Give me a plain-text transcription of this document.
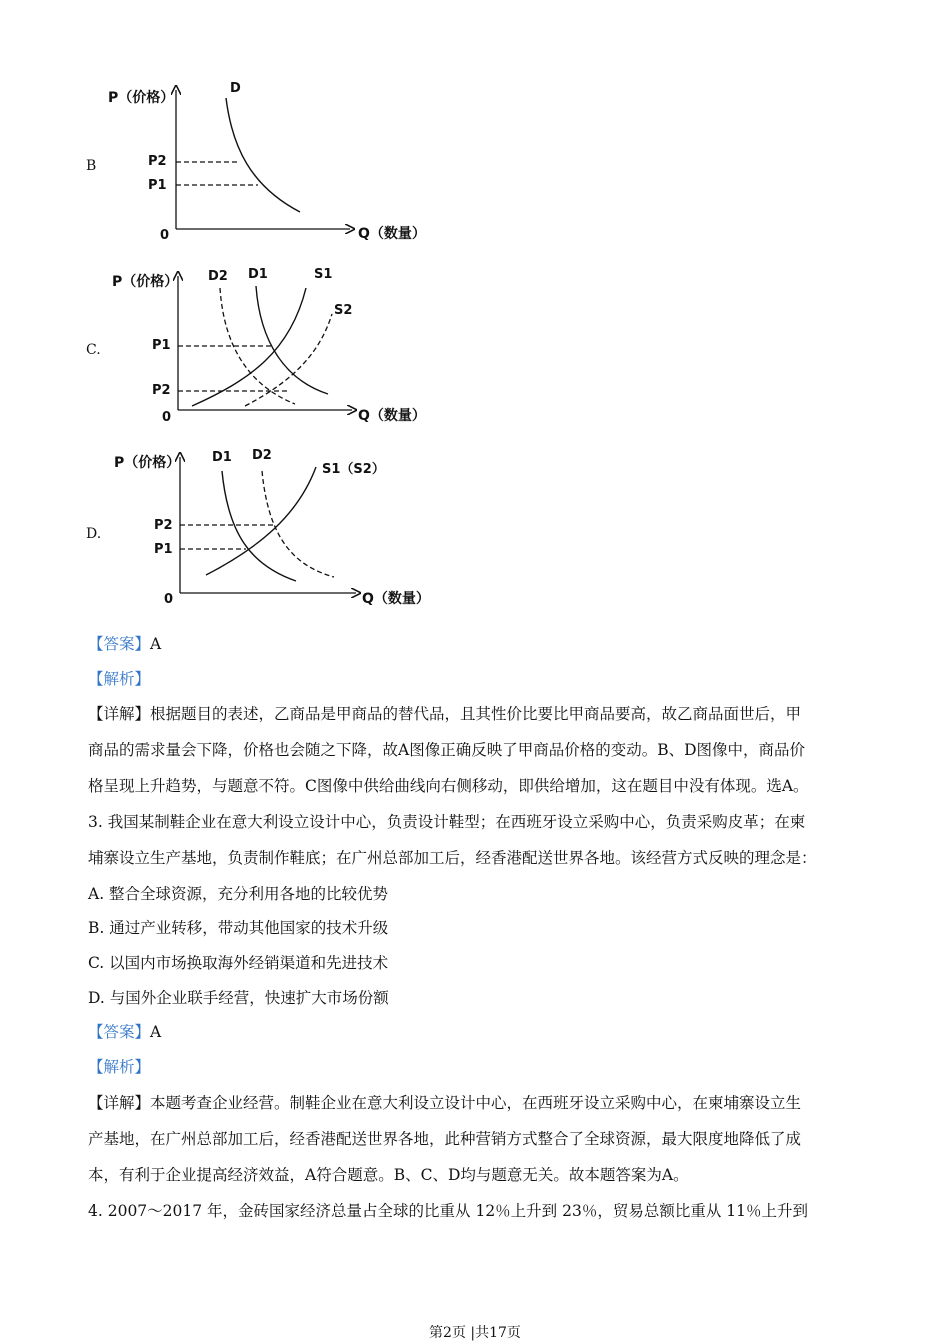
B
P（价格）
Q（数量）
0
D
P2
P1
C.
P（价格）
Q（数量）
0
D2 D1	S1
S2
P1
P2
D.
P（价格）
Q（数量）
0
D1 D2
S1（S2）
P2
P1
【答案】A
【解析】
【详解】根据题目的表述，乙商品是甲商品的替代品，且其性价比要比甲商品要高，故乙商品面世后，甲
商品的需求量会下降，价格也会随之下降，故A图像正确反映了甲商品价格的变动。B、D图像中，商品价
格呈现上升趋势，与题意不符。C图像中供给曲线向右侧移动，即供给增加，这在题目中没有体现。选A。
3. 我国某制鞋企业在意大利设立设计中心，负责设计鞋型；在西班牙设立采购中心，负责采购皮革；在柬
埔寨设立生产基地，负责制作鞋底；在广州总部加工后，经香港配送世界各地。该经营方式反映的理念是：
A. 整合全球资源，充分利用各地的比较优势
B. 通过产业转移，带动其他国家的技术升级
C. 以国内市场换取海外经销渠道和先进技术
D. 与国外企业联手经营，快速扩大市场份额
【答案】A
【解析】
【详解】本题考查企业经营。制鞋企业在意大利设立设计中心，在西班牙设立采购中心，在柬埔寨设立生
产基地，在广州总部加工后，经香港配送世界各地，此种营销方式整合了全球资源，最大限度地降低了成
本，有利于企业提高经济效益，A符合题意。B、C、D均与题意无关。故本题答案为A。
4. 2007～2017 年，金砖国家经济总量占全球的比重从 12％上升到 23％，贸易总额比重从 11％上升到
第2页 |共17页
